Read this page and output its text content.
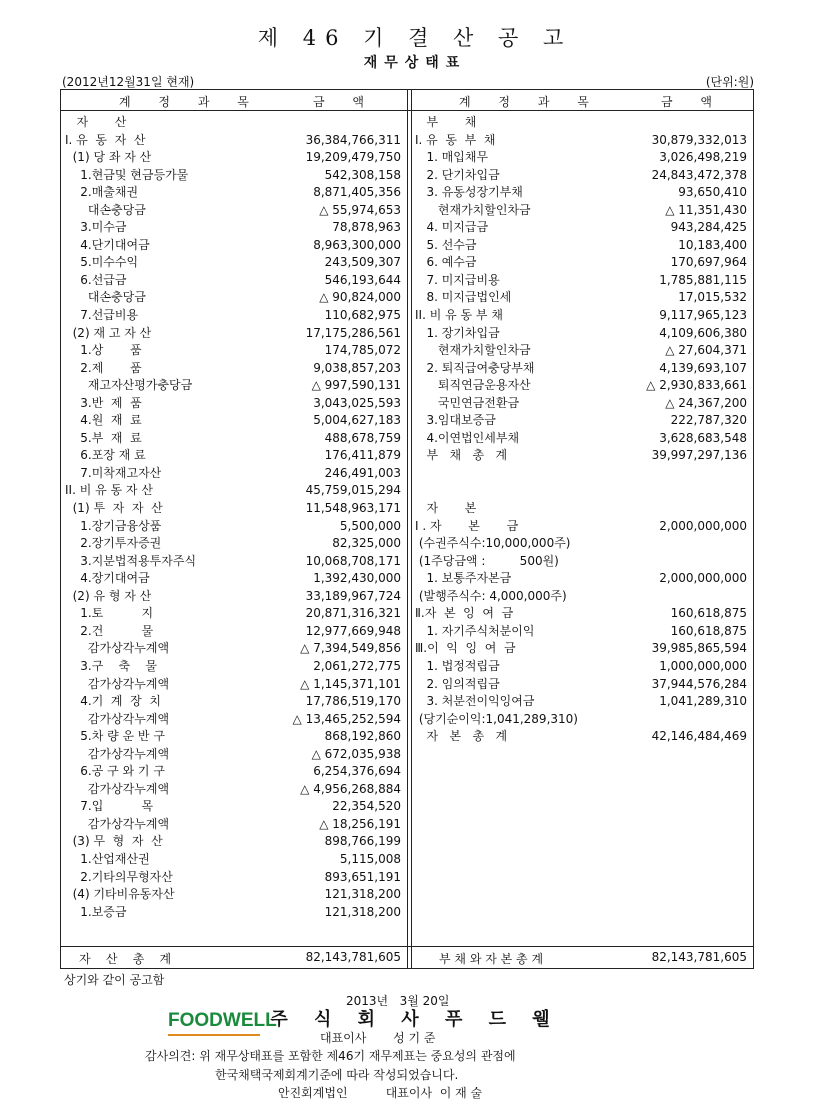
제 46 기 결 산 공 고
재무상태표
(2012년12월31일 현재)	(단위:원)
계 정 과 목	금 액	계 정 과 목	금 액
자       산
I. 유  동  자  산	36,384,766,311
(1) 당 좌 자 산	19,209,479,750
1.현금및 현금등가물	542,308,158
2.매출채권	8,871,405,356
대손충당금	△ 55,974,653
3.미수금	78,878,963
4.단기대여금	8,963,300,000
5.미수수익	243,509,307
6.선급금	546,193,644
대손충당금	△ 90,824,000
7.선급비용	110,682,975
(2) 재 고 자 산	17,175,286,561
1.상       품	174,785,072
2.제       품	9,038,857,203
재고자산평가충당금	△ 997,590,131
3.반  제  품	3,043,025,593
4.원  재  료	5,004,627,183
5.부  재  료	488,678,759
6.포장 재 료	176,411,879
7.미착재고자산	246,491,003
II. 비 유 동 자 산	45,759,015,294
(1) 투  자  자  산	11,548,963,171
1.장기금융상품	5,500,000
2.장기투자증권	82,325,000
3.지분법적용투자주식	10,068,708,171
4.장기대여금	1,392,430,000
(2) 유 형 자 산	33,189,967,724
1.토          지	20,871,316,321
2.건          물	12,977,669,948
감가상각누계액	△ 7,394,549,856
3.구    축    물	2,061,272,775
감가상각누계액	△ 1,145,371,101
4.기  계  장  치	17,786,519,170
감가상각누계액	△ 13,465,252,594
5.차 량 운 반 구	868,192,860
감가상각누계액	△ 672,035,938
6.공 구 와 기 구	6,254,376,694
감가상각누계액	△ 4,956,268,884
7.입          목	22,354,520
감가상각누계액	△ 18,256,191
(3) 무  형  자  산	898,766,199
1.산업재산권	5,115,008
2.기타의무형자산	893,651,191
(4) 기타비유동자산	121,318,200
1.보증금	121,318,200
부       채
I. 유  동  부  채	30,879,332,013
1. 매입채무	3,026,498,219
2. 단기차입금	24,843,472,378
3. 유동성장기부채	93,650,410
현재가치할인차금	△ 11,351,430
4. 미지급금	943,284,425
5. 선수금	10,183,400
6. 예수금	170,697,964
7. 미지급비용	1,785,881,115
8. 미지급법인세	17,015,532
II. 비 유 동 부 채	9,117,965,123
1. 장기차입금	4,109,606,380
현재가치할인차금	△ 27,604,371
2. 퇴직급여충당부채	4,139,693,107
퇴직연금운용자산	△ 2,930,833,661
국민연금전환금	△ 24,367,200
3.임대보증금	222,787,320
4.이연법인세부채	3,628,683,548
부   채   총   계	39,997,297,136
자       본
I . 자       본       금	2,000,000,000
(수권주식수:10,000,000주)
(1주당금액 :         500원)
1. 보통주자본금	2,000,000,000
(발행주식수: 4,000,000주)
Ⅱ.자  본  잉  여  금	160,618,875
1. 자기주식처분이익	160,618,875
Ⅲ.이  익  잉  여  금	39,985,865,594
1. 법정적립금	1,000,000,000
2. 임의적립금	37,944,576,284
3. 처분전이익잉여금	1,041,289,310
(당기순이익:1,041,289,310)
자   본   총   계	42,146,484,469
자    산    총    계	82,143,781,605	부 채 와 자 본 총 계	82,143,781,605
상기와 같이 공고함
2013년   3월 20일
FOODWELL
주 식 회 사 푸 드 웰
대표이사       성 기 준
감사의견: 위 재무상태표를 포함한 제46기 재무제표는 중요성의 관점에
한국채택국제회계기준에 따라 작성되었습니다.
안진회계법인          대표이사  이 재 술
